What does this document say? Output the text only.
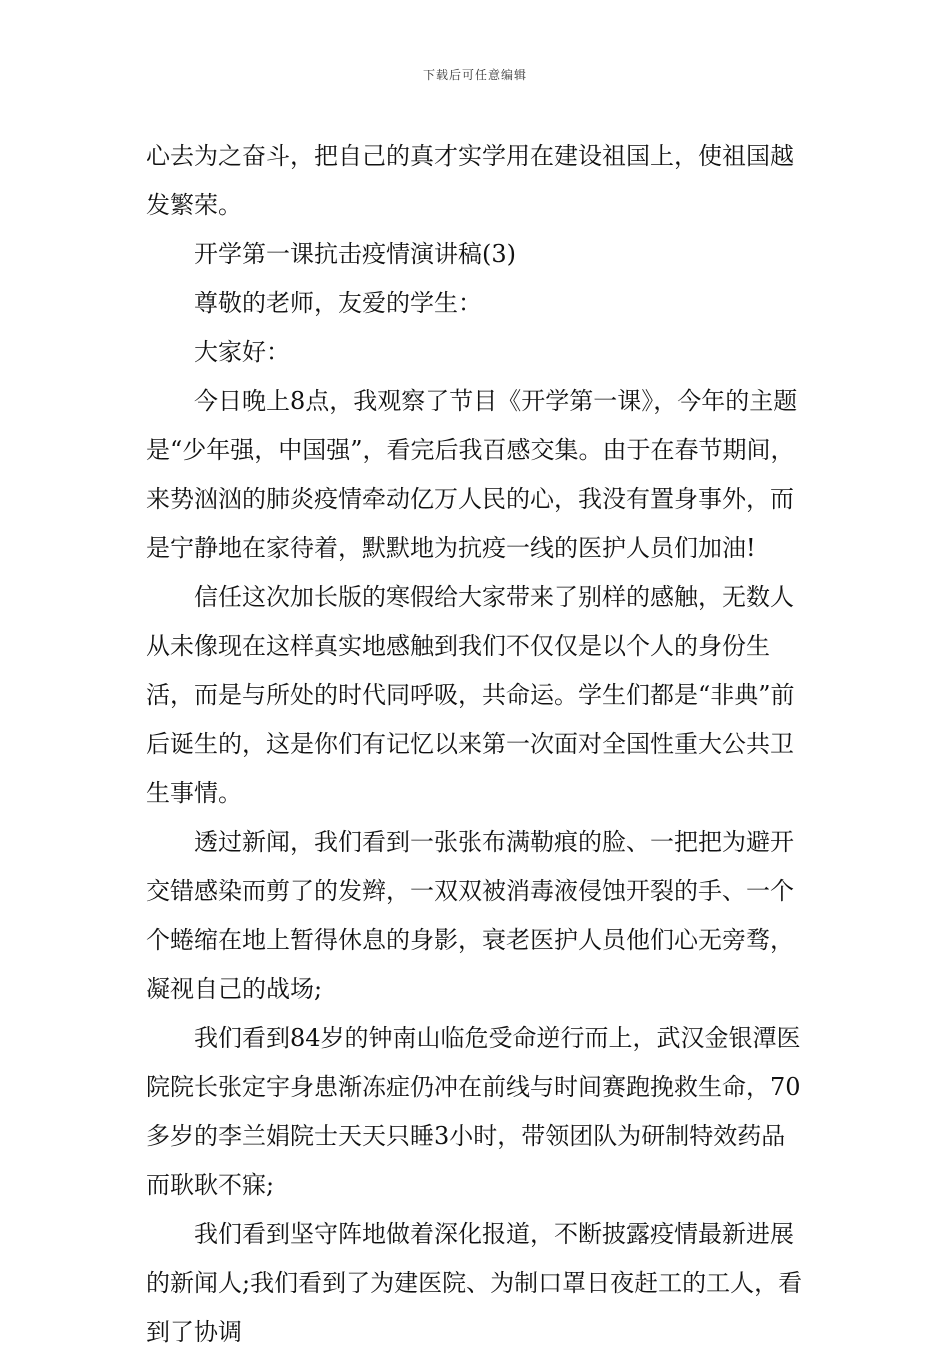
下载后可任意编辑

心去为之奋斗，把自己的真才实学用在建设祖国上，使祖国越发繁荣。

开学第一课抗击疫情演讲稿(3)

尊敬的老师，友爱的学生：

大家好：

今日晚上8点，我观察了节目《开学第一课》，今年的主题是“少年强，中国强”，看完后我百感交集。由于在春节期间，来势汹汹的肺炎疫情牵动亿万人民的心，我没有置身事外，而是宁静地在家待着，默默地为抗疫一线的医护人员们加油!

信任这次加长版的寒假给大家带来了别样的感触，无数人从未像现在这样真实地感触到我们不仅仅是以个人的身份生活，而是与所处的时代同呼吸，共命运。学生们都是“非典”前后诞生的，这是你们有记忆以来第一次面对全国性重大公共卫生事情。

透过新闻，我们看到一张张布满勒痕的脸、一把把为避开交错感染而剪了的发辫，一双双被消毒液侵蚀开裂的手、一个个蜷缩在地上暂得休息的身影，衰老医护人员他们心无旁骛，凝视自己的战场;

我们看到84岁的钟南山临危受命逆行而上，武汉金银潭医院院长张定宇身患渐冻症仍冲在前线与时间赛跑挽救生命，70多岁的李兰娟院士天天只睡3小时，带领团队为研制特效药品而耿耿不寐;

我们看到坚守阵地做着深化报道，不断披露疫情最新进展的新闻人;我们看到了为建医院、为制口罩日夜赶工的工人，看到了协调
